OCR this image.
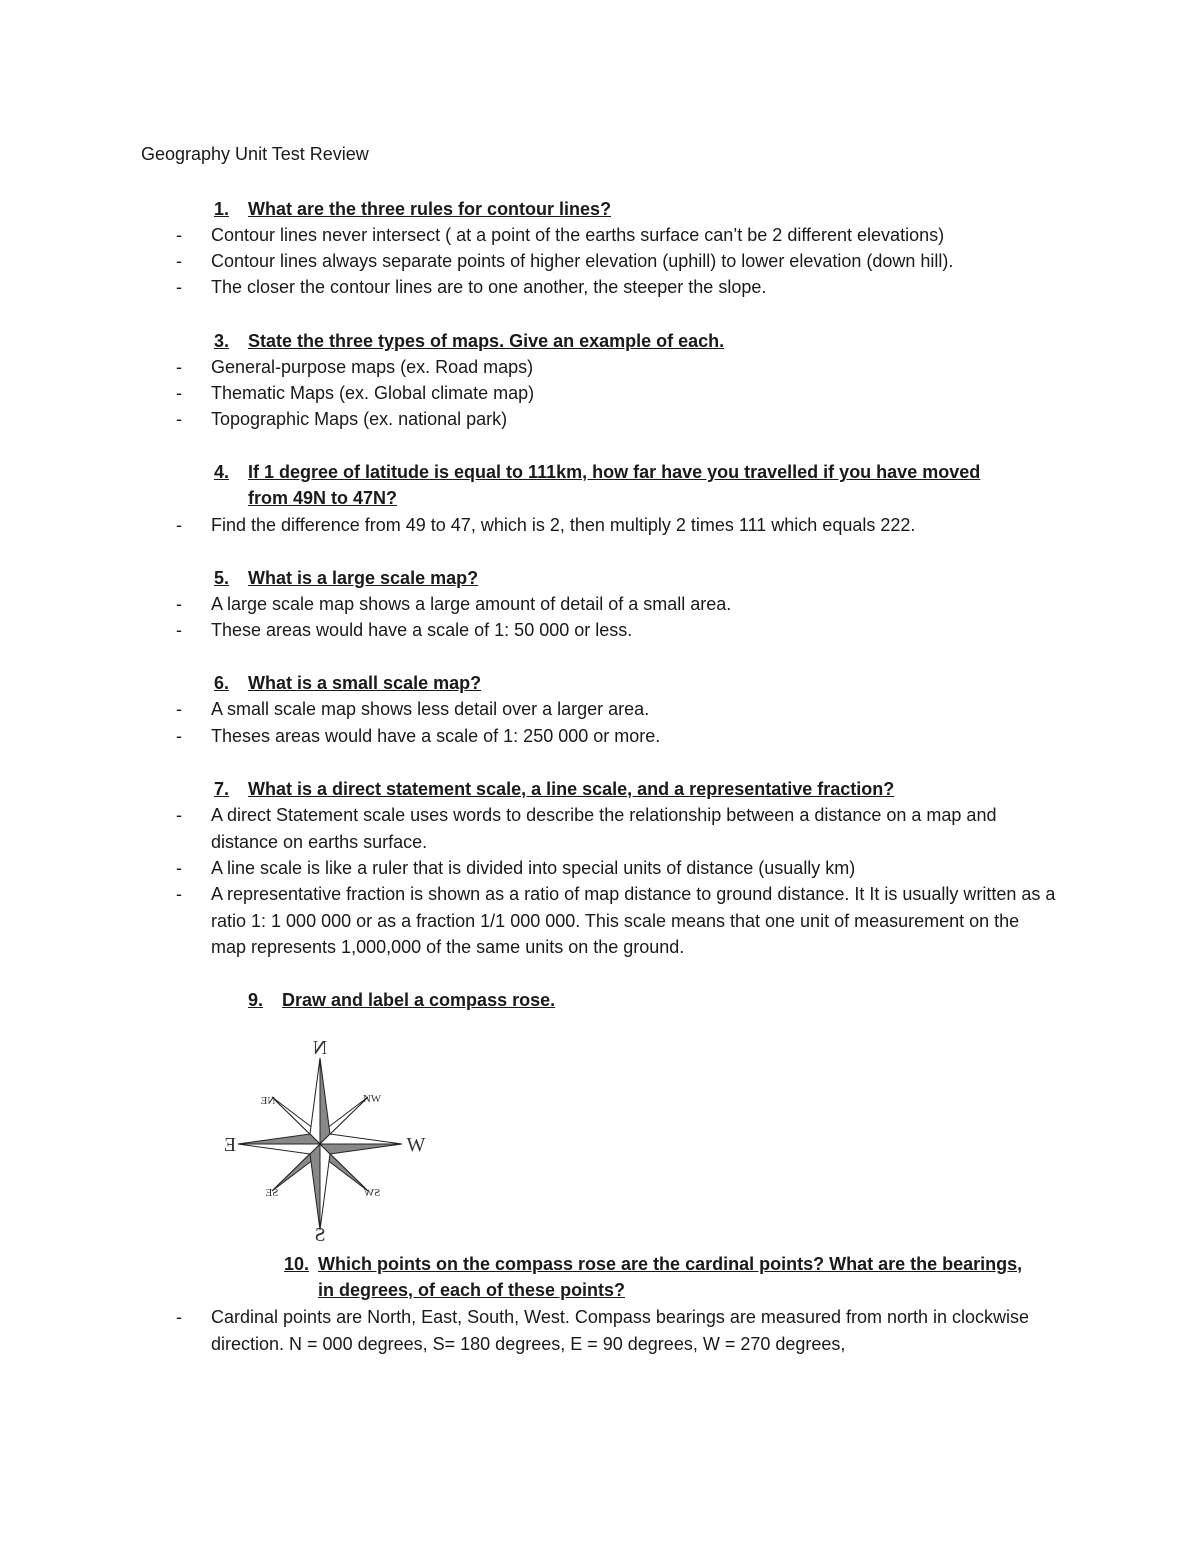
Geography Unit Test Review
1.	What are the three rules for contour lines?
-	Contour lines never intersect ( at a point of the earths surface can’t be 2 different elevations)
-	Contour lines always separate points of higher elevation (uphill) to lower elevation (down hill).
-	The closer the contour lines are to one another, the steeper the slope.
3.	State the three types of maps. Give an example of each.
-	General-purpose maps (ex. Road maps)
-	Thematic Maps (ex. Global climate map)
-	Topographic Maps (ex. national park)
4.	If 1 degree of latitude is equal to 111km, how far have you travelled if you have moved
from 49N to 47N?
-	Find the difference from 49 to 47, which is 2, then multiply 2 times 111 which equals 222.
5.	What is a large scale map?
-	A large scale map shows a large amount of detail of a small area.
-	These areas would have a scale of 1: 50 000 or less.
6.	What is a small scale map?
-	A small scale map shows less detail over a larger area.
-	Theses areas would have a scale of 1: 250 000 or more.
7.	What is a direct statement scale, a line scale, and a representative fraction?
-	A direct Statement scale uses words to describe the relationship between a distance on a map and distance on earths surface.
-	A line scale is like a ruler that is divided into special units of distance (usually km)
-	A representative fraction is shown as a ratio of map distance to ground distance. It It is usually written as a ratio 1: 1 000 000 or as a fraction 1/1 000 000. This scale means that one unit of measurement on the map represents 1,000,000 of the same units on the ground.
9.	Draw and label a compass rose.
N
S
W
E
NE	NW
SE	SW
10. Which points on the compass rose are the cardinal points? What are the bearings,
in degrees, of each of these points?
-	Cardinal points are North, East, South, West. Compass bearings are measured from north in clockwise direction. N = 000 degrees, S= 180 degrees, E = 90 degrees, W = 270 degrees,
